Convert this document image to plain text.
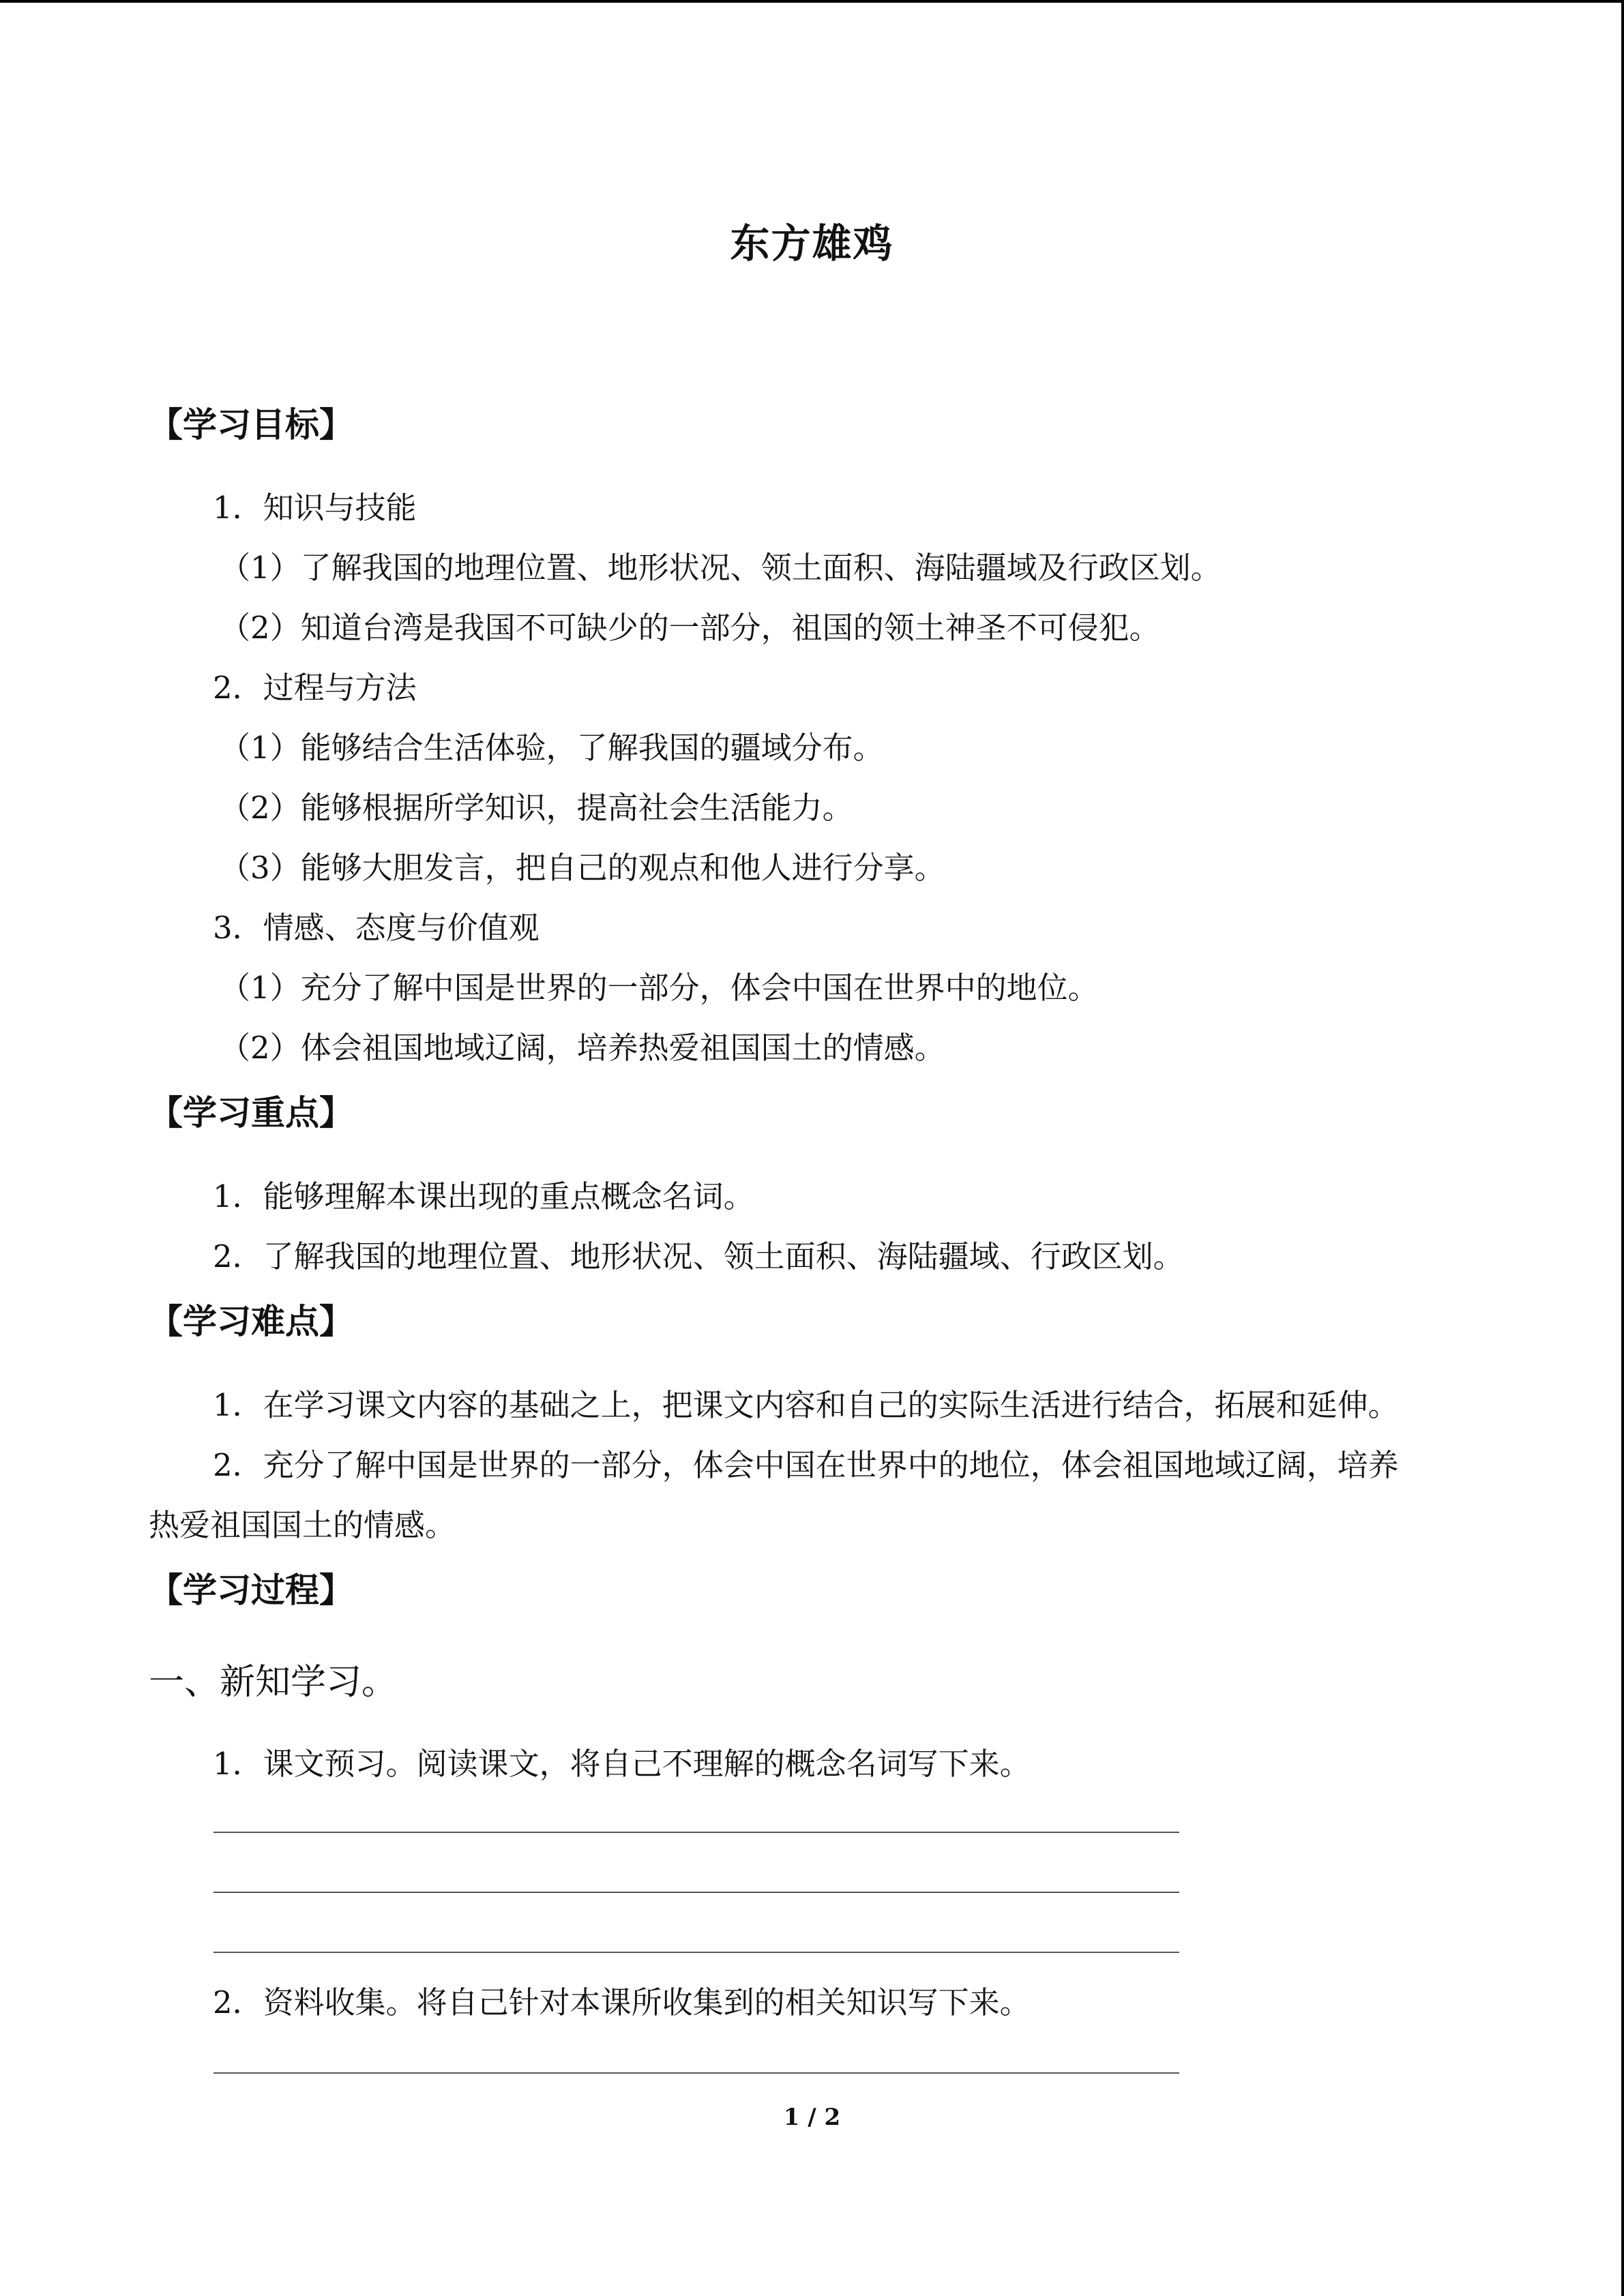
东方雄鸡
【学习目标】
1．知识与技能
（1）了解我国的地理位置、地形状况、领土面积、海陆疆域及行政区划。
（2）知道台湾是我国不可缺少的一部分，祖国的领土神圣不可侵犯。
2．过程与方法
（1）能够结合生活体验，了解我国的疆域分布。
（2）能够根据所学知识，提高社会生活能力。
（3）能够大胆发言，把自己的观点和他人进行分享。
3．情感、态度与价值观
（1）充分了解中国是世界的一部分，体会中国在世界中的地位。
（2）体会祖国地域辽阔，培养热爱祖国国土的情感。
【学习重点】
1．能够理解本课出现的重点概念名词。
2．了解我国的地理位置、地形状况、领土面积、海陆疆域、行政区划。
【学习难点】
1．在学习课文内容的基础之上，把课文内容和自己的实际生活进行结合，拓展和延伸。
2．充分了解中国是世界的一部分，体会中国在世界中的地位，体会祖国地域辽阔，培养
热爱祖国国土的情感。
【学习过程】
一、新知学习。
1．课文预习。阅读课文，将自己不理解的概念名词写下来。
2．资料收集。将自己针对本课所收集到的相关知识写下来。
1 / 2
